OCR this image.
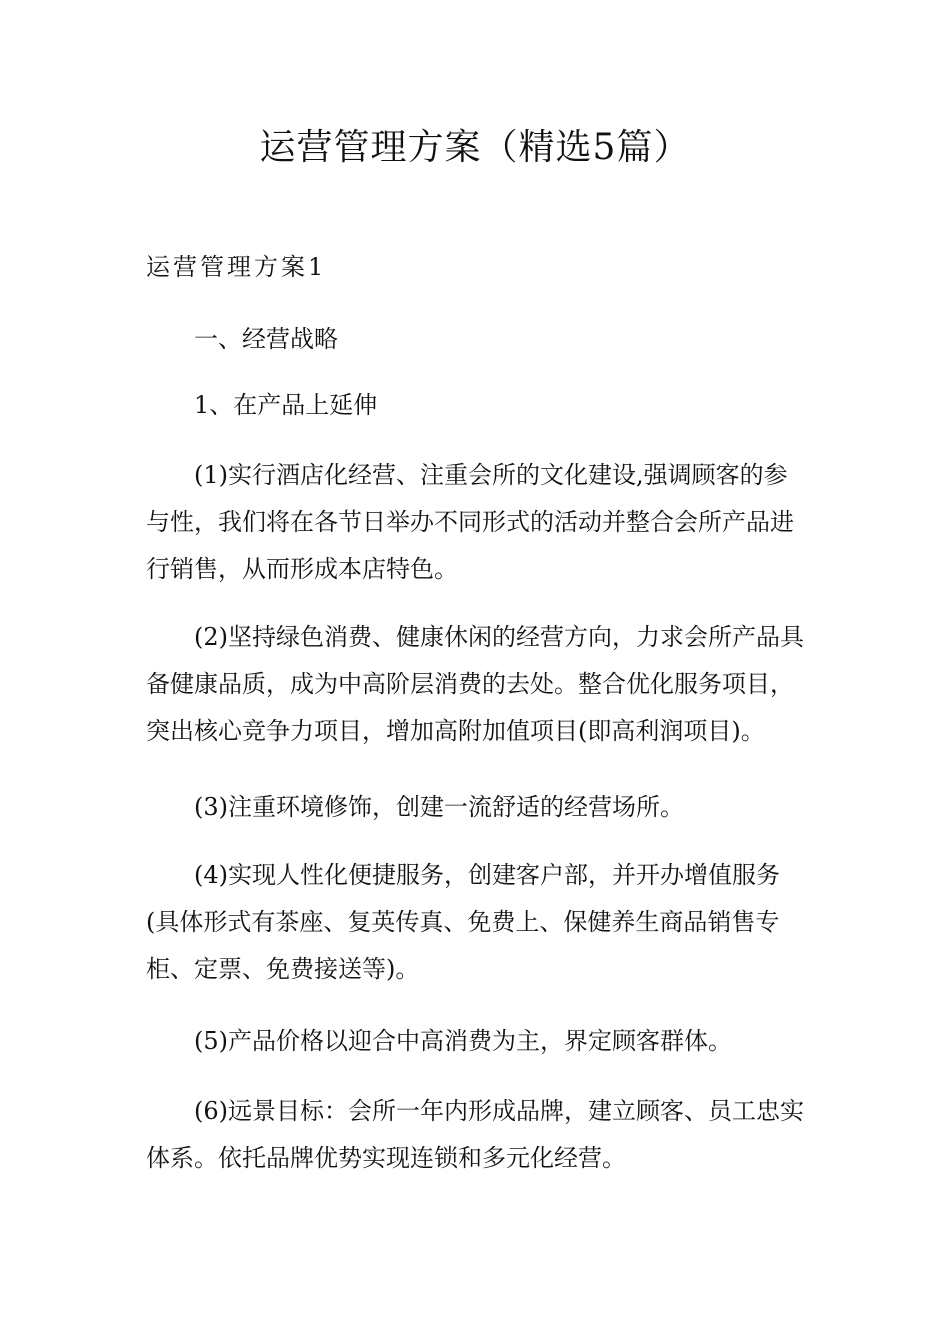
运营管理方案（精选5篇）
运营管理方案1

一、经营战略

1、在产品上延伸

(1)实行酒店化经营、注重会所的文化建设,强调顾客的参与性，我们将在各节日举办不同形式的活动并整合会所产品进行销售，从而形成本店特色。

(2)坚持绿色消费、健康休闲的经营方向，力求会所产品具备健康品质，成为中高阶层消费的去处。整合优化服务项目，突出核心竞争力项目，增加高附加值项目(即高利润项目)。

(3)注重环境修饰，创建一流舒适的经营场所。

(4)实现人性化便捷服务，创建客户部，并开办增值服务(具体形式有茶座、复英传真、免费上、保健养生商品销售专柜、定票、免费接送等)。

(5)产品价格以迎合中高消费为主，界定顾客群体。

(6)远景目标：会所一年内形成品牌，建立顾客、员工忠实体系。依托品牌优势实现连锁和多元化经营。
